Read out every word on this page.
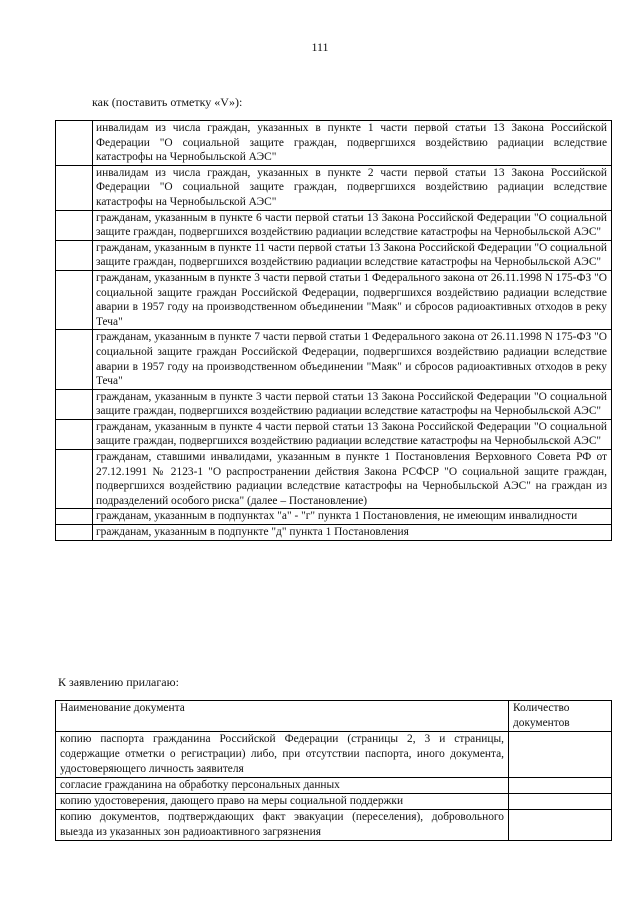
111
как (поставить отметку «V»):
	инвалидам из числа граждан, указанных в пункте 1 части первой статьи 13 Закона Российской Федерации "О социальной защите граждан, подвергшихся воздействию радиации вследствие катастрофы на Чернобыльской АЭС"
	инвалидам из числа граждан, указанных в пункте 2 части первой статьи 13 Закона Российской Федерации "О социальной защите граждан, подвергшихся воздействию радиации вследствие катастрофы на Чернобыльской АЭС"
	гражданам, указанным в пункте 6 части первой статьи 13 Закона Российской Федерации "О социальной защите граждан, подвергшихся воздействию радиации вследствие катастрофы на Чернобыльской АЭС"
	гражданам, указанным в пункте 11 части первой статьи 13 Закона Российской Федерации "О социальной защите граждан, подвергшихся воздействию радиации вследствие катастрофы на Чернобыльской АЭС"
	гражданам, указанным в пункте 3 части первой статьи 1 Федерального закона от 26.11.1998 N 175-ФЗ "О социальной защите граждан Российской Федерации, подвергшихся воздействию радиации вследствие аварии в 1957 году на производственном объединении "Маяк" и сбросов радиоактивных отходов в реку Теча"
	гражданам, указанным в пункте 7 части первой статьи 1 Федерального закона от 26.11.1998 N 175-ФЗ "О социальной защите граждан Российской Федерации, подвергшихся воздействию радиации вследствие аварии в 1957 году на производственном объединении "Маяк" и сбросов радиоактивных отходов в реку Теча"
	гражданам, указанным в пункте 3 части первой статьи 13 Закона Российской Федерации "О социальной защите граждан, подвергшихся воздействию радиации вследствие катастрофы на Чернобыльской АЭС"
	гражданам, указанным в пункте 4 части первой статьи 13 Закона Российской Федерации "О социальной защите граждан, подвергшихся воздействию радиации вследствие катастрофы на Чернобыльской АЭС"
	гражданам, ставшими инвалидами, указанным в пункте 1 Постановления Верховного Совета РФ от 27.12.1991 № 2123-1 "О распространении действия Закона РСФСР "О социальной защите граждан, подвергшихся воздействию радиации вследствие катастрофы на Чернобыльской АЭС" на граждан из подразделений особого риска" (далее – Постановление)
	гражданам, указанным в подпунктах "а" - "г" пункта 1 Постановления, не имеющим инвалидности
	гражданам, указанным в подпункте "д" пункта 1 Постановления
К заявлению прилагаю:
Наименование документа	Количество документов
копию паспорта гражданина Российской Федерации (страницы 2, 3 и страницы, содержащие отметки о регистрации) либо, при отсутствии паспорта, иного документа, удостоверяющего личность заявителя	
согласие гражданина на обработку персональных данных	
копию удостоверения, дающего право на меры социальной поддержки	
копию документов, подтверждающих факт эвакуации (переселения), добровольного выезда из указанных зон радиоактивного загрязнения	
